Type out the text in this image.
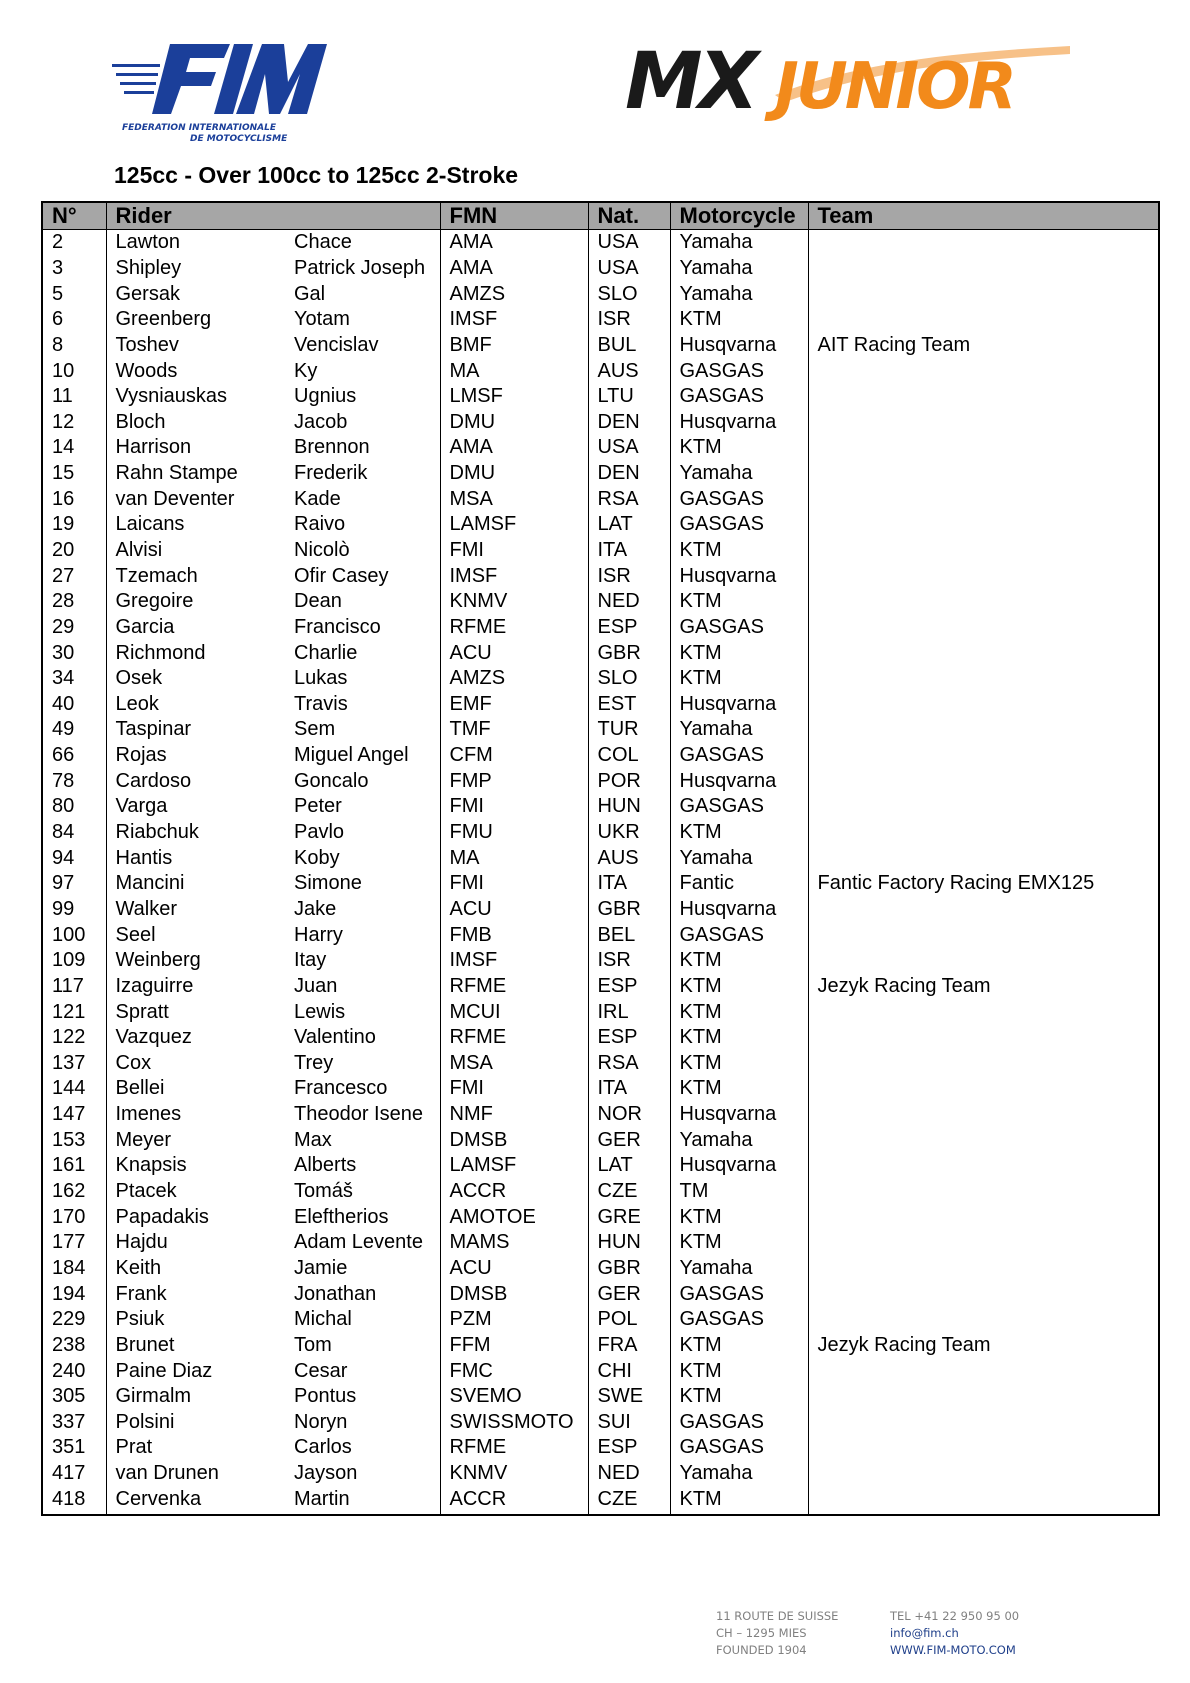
FEDERATION INTERNATIONALE
DE MOTOCYCLISME
MX JUNIOR
125cc - Over 100cc to 125cc 2-Stroke
N°	Rider		FMN	Nat.	Motorcycle	Team
2	Lawton	Chace	AMA	USA	Yamaha	
3	Shipley	Patrick Joseph	AMA	USA	Yamaha	
5	Gersak	Gal	AMZS	SLO	Yamaha	
6	Greenberg	Yotam	IMSF	ISR	KTM	
8	Toshev	Vencislav	BMF	BUL	Husqvarna	AIT Racing Team
10	Woods	Ky	MA	AUS	GASGAS	
11	Vysniauskas	Ugnius	LMSF	LTU	GASGAS	
12	Bloch	Jacob	DMU	DEN	Husqvarna	
14	Harrison	Brennon	AMA	USA	KTM	
15	Rahn Stampe	Frederik	DMU	DEN	Yamaha	
16	van Deventer	Kade	MSA	RSA	GASGAS	
19	Laicans	Raivo	LAMSF	LAT	GASGAS	
20	Alvisi	Nicolò	FMI	ITA	KTM	
27	Tzemach	Ofir Casey	IMSF	ISR	Husqvarna	
28	Gregoire	Dean	KNMV	NED	KTM	
29	Garcia	Francisco	RFME	ESP	GASGAS	
30	Richmond	Charlie	ACU	GBR	KTM	
34	Osek	Lukas	AMZS	SLO	KTM	
40	Leok	Travis	EMF	EST	Husqvarna	
49	Taspinar	Sem	TMF	TUR	Yamaha	
66	Rojas	Miguel Angel	CFM	COL	GASGAS	
78	Cardoso	Goncalo	FMP	POR	Husqvarna	
80	Varga	Peter	FMI	HUN	GASGAS	
84	Riabchuk	Pavlo	FMU	UKR	KTM	
94	Hantis	Koby	MA	AUS	Yamaha	
97	Mancini	Simone	FMI	ITA	Fantic	Fantic Factory Racing EMX125
99	Walker	Jake	ACU	GBR	Husqvarna	
100	Seel	Harry	FMB	BEL	GASGAS	
109	Weinberg	Itay	IMSF	ISR	KTM	
117	Izaguirre	Juan	RFME	ESP	KTM	Jezyk Racing Team
121	Spratt	Lewis	MCUI	IRL	KTM	
122	Vazquez	Valentino	RFME	ESP	KTM	
137	Cox	Trey	MSA	RSA	KTM	
144	Bellei	Francesco	FMI	ITA	KTM	
147	Imenes	Theodor Isene	NMF	NOR	Husqvarna	
153	Meyer	Max	DMSB	GER	Yamaha	
161	Knapsis	Alberts	LAMSF	LAT	Husqvarna	
162	Ptacek	Tomáš	ACCR	CZE	TM	
170	Papadakis	Eleftherios	AMOTOE	GRE	KTM	
177	Hajdu	Adam Levente	MAMS	HUN	KTM	
184	Keith	Jamie	ACU	GBR	Yamaha	
194	Frank	Jonathan	DMSB	GER	GASGAS	
229	Psiuk	Michal	PZM	POL	GASGAS	
238	Brunet	Tom	FFM	FRA	KTM	Jezyk Racing Team
240	Paine Diaz	Cesar	FMC	CHI	KTM	
305	Girmalm	Pontus	SVEMO	SWE	KTM	
337	Polsini	Noryn	SWISSMOTO	SUI	GASGAS	
351	Prat	Carlos	RFME	ESP	GASGAS	
417	van Drunen	Jayson	KNMV	NED	Yamaha	
418	Cervenka	Martin	ACCR	CZE	KTM	
11 ROUTE DE SUISSE
CH – 1295 MIES
FOUNDED 1904
TEL +41 22 950 95 00
info@fim.ch
WWW.FIM-MOTO.COM
